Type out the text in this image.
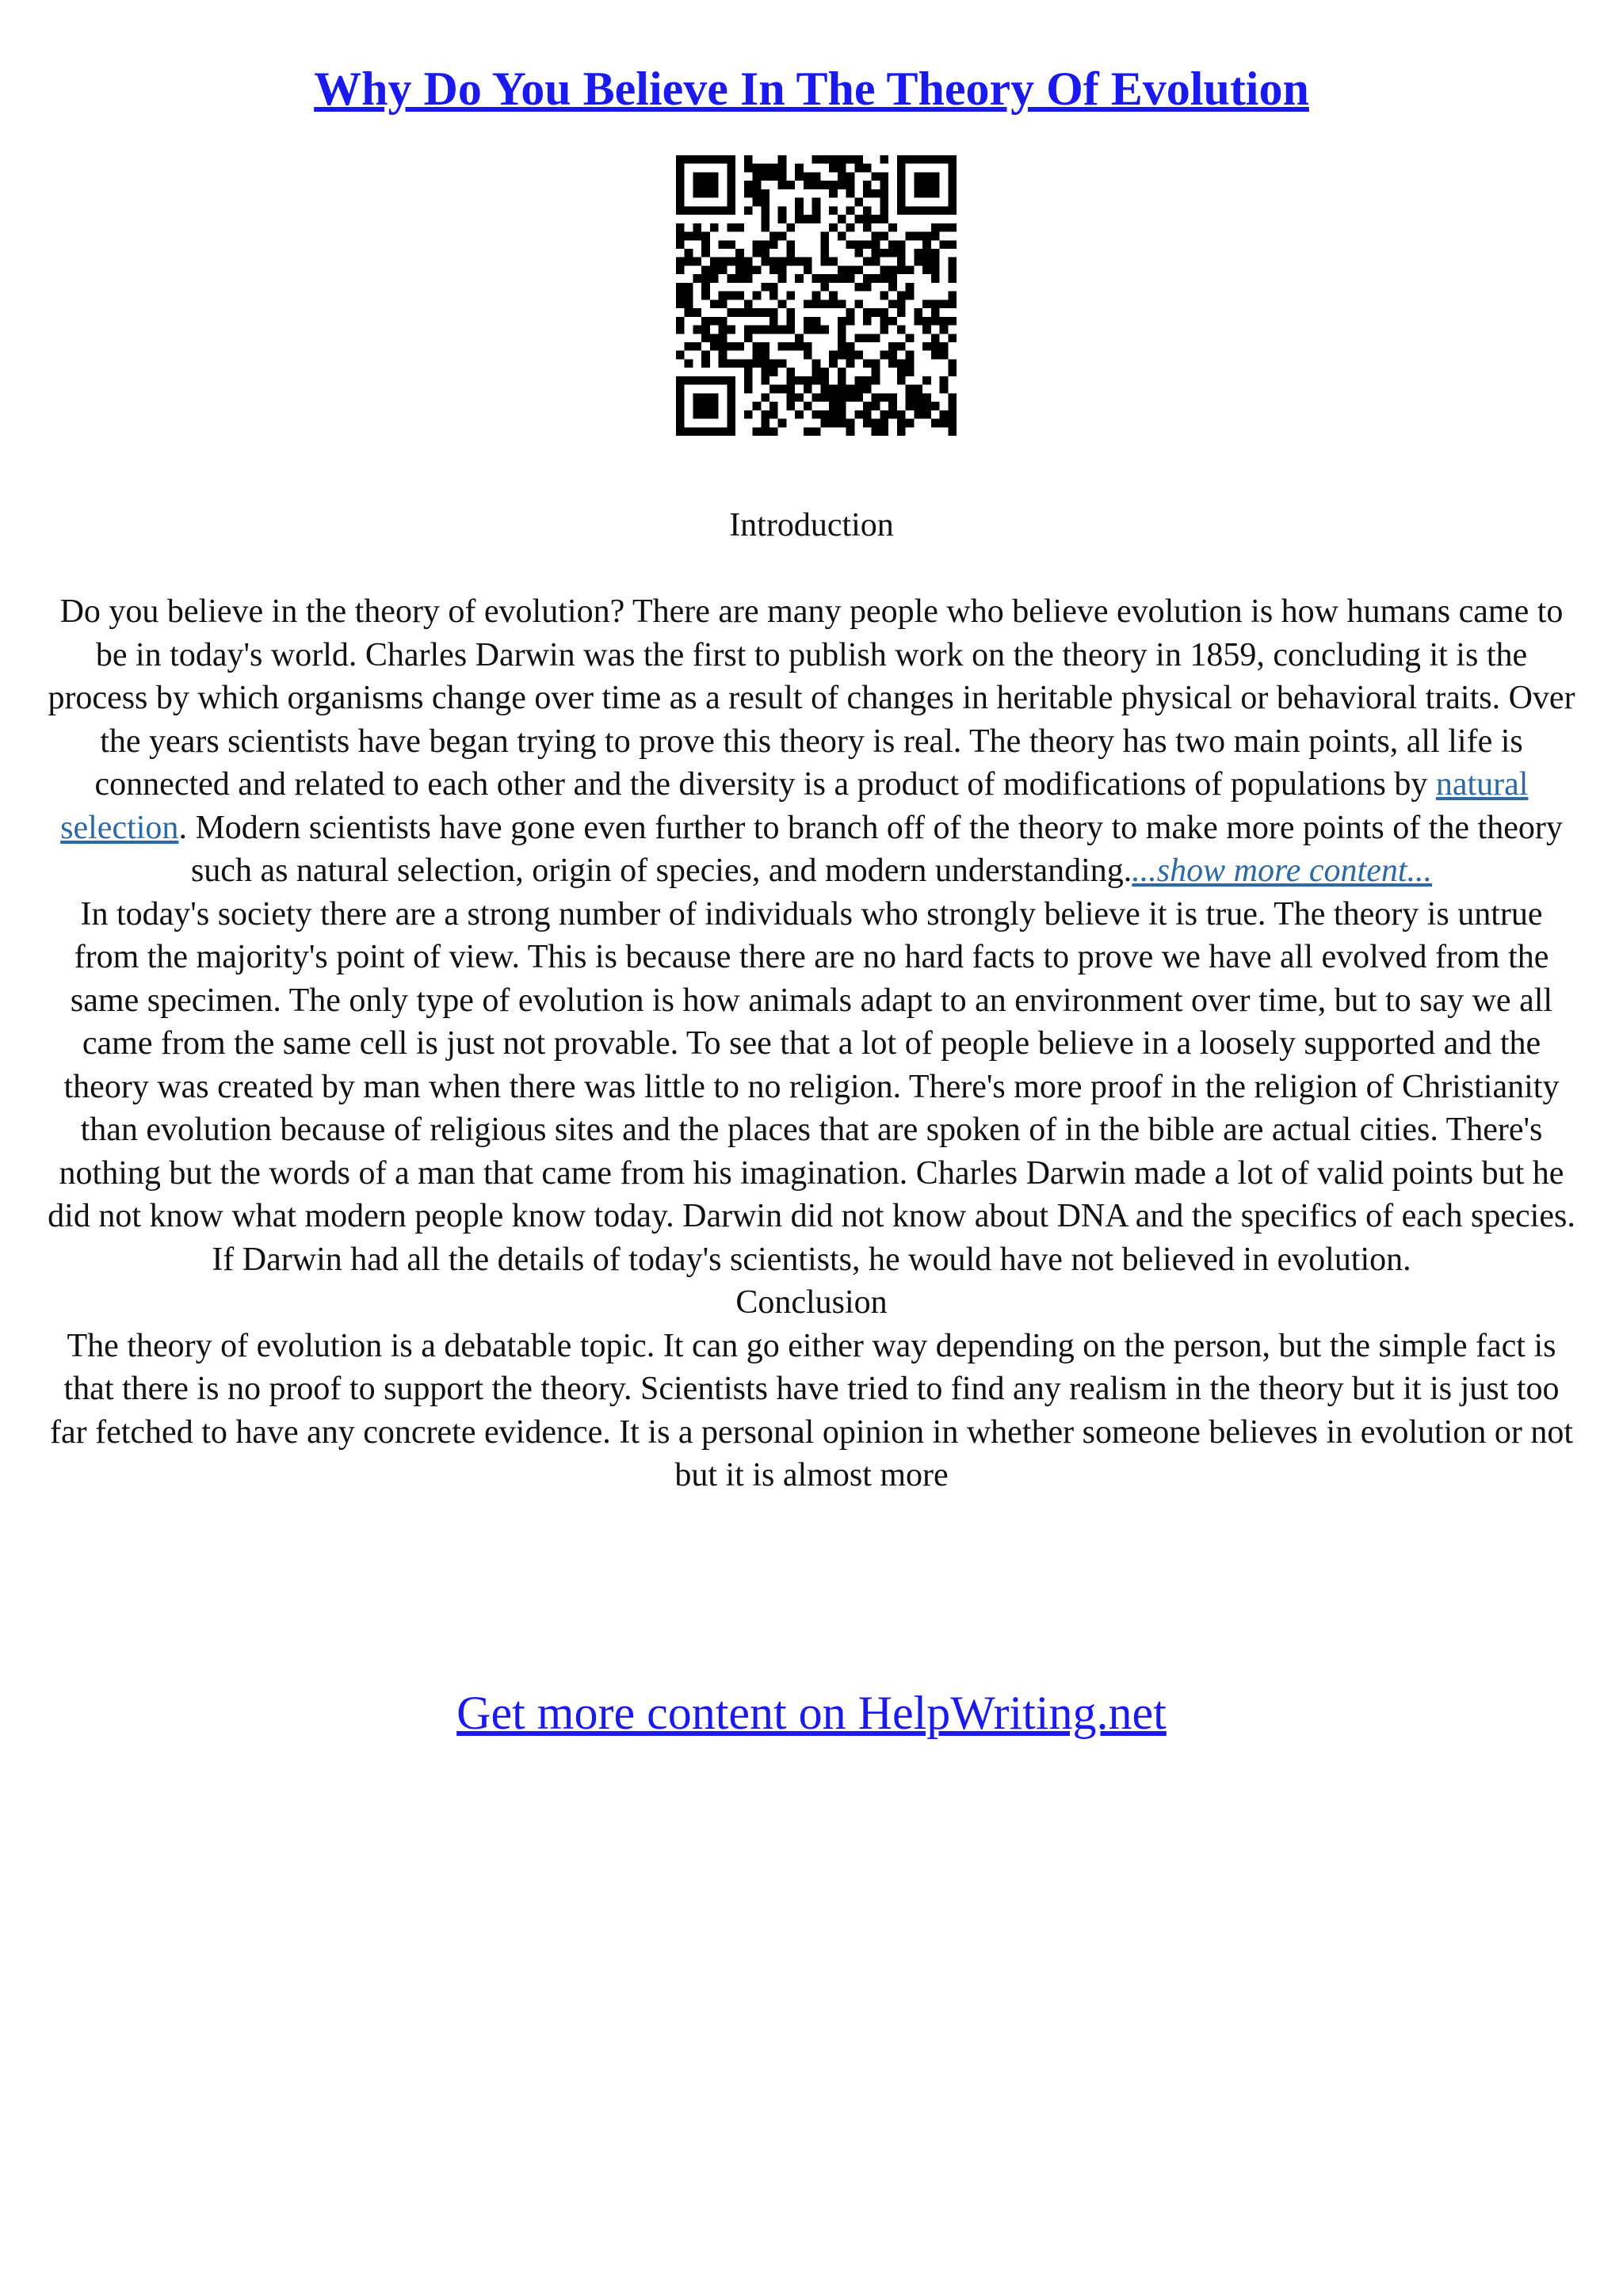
Why Do You Believe In The Theory Of Evolution

Introduction

Do you believe in the theory of evolution? There are many people who believe evolution is how humans came to be in today's world. Charles Darwin was the first to publish work on the theory in 1859, concluding it is the process by which organisms change over time as a result of changes in heritable physical or behavioral traits. Over the years scientists have began trying to prove this theory is real. The theory has two main points, all life is connected and related to each other and the diversity is a product of modifications of populations by natural selection. Modern scientists have gone even further to branch off of the theory to make more points of the theory such as natural selection, origin of species, and modern understanding....show more content...

In today's society there are a strong number of individuals who strongly believe it is true. The theory is untrue from the majority's point of view. This is because there are no hard facts to prove we have all evolved from the same specimen. The only type of evolution is how animals adapt to an environment over time, but to say we all came from the same cell is just not provable. To see that a lot of people believe in a loosely supported and the theory was created by man when there was little to no religion. There's more proof in the religion of Christianity than evolution because of religious sites and the places that are spoken of in the bible are actual cities. There's nothing but the words of a man that came from his imagination. Charles Darwin made a lot of valid points but he did not know what modern people know today. Darwin did not know about DNA and the specifics of each species. If Darwin had all the details of today's scientists, he would have not believed in evolution.

Conclusion

The theory of evolution is a debatable topic. It can go either way depending on the person, but the simple fact is that there is no proof to support the theory. Scientists have tried to find any realism in the theory but it is just too far fetched to have any concrete evidence. It is a personal opinion in whether someone believes in evolution or not but it is almost more

Get more content on HelpWriting.net
